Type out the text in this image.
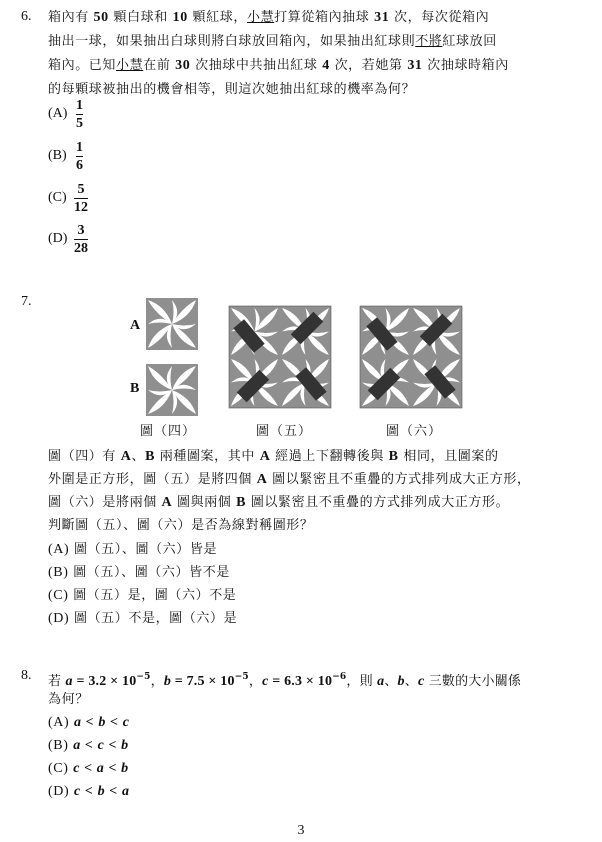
6. 箱內有 50 顆白球和 10 顆紅球，小慧打算從箱內抽球 31 次，每次從箱內
抽出一球，如果抽出白球則將白球放回箱內，如果抽出紅球則不將紅球放回
箱內。已知小慧在前 30 次抽球中共抽出紅球 4 次，若她第 31 次抽球時箱內
的每顆球被抽出的機會相等，則這次她抽出紅球的機率為何？
(A)
1
5
(B)
1
6
(C)
5
12
(D)
3
28
7.
A
B
圖（四）	圖（五）	圖（六）
圖（四）有 A、B 兩種圖案，其中 A 經過上下翻轉後與 B 相同，且圖案的
外圍是正方形，圖（五）是將四個 A 圖以緊密且不重疊的方式排列成大正方形，
圖（六）是將兩個 A 圖與兩個 B 圖以緊密且不重疊的方式排列成大正方形。
判斷圖（五）、圖（六）是否為線對稱圖形？
(A) 圖（五）、圖（六）皆是
(B) 圖（五）、圖（六）皆不是
(C) 圖（五）是，圖（六）不是
(D) 圖（五）不是，圖（六）是
8. 若 $a = 3.2 \times 10^{-5}$，$b = 7.5 \times 10^{-5}$，$c = 6.3 \times 10^{-6}$，則 a、b、c 三數的大小關係
為何？
(A) a < b < c
(B) a < c < b
(C) c < a < b
(D) c < b < a
3
